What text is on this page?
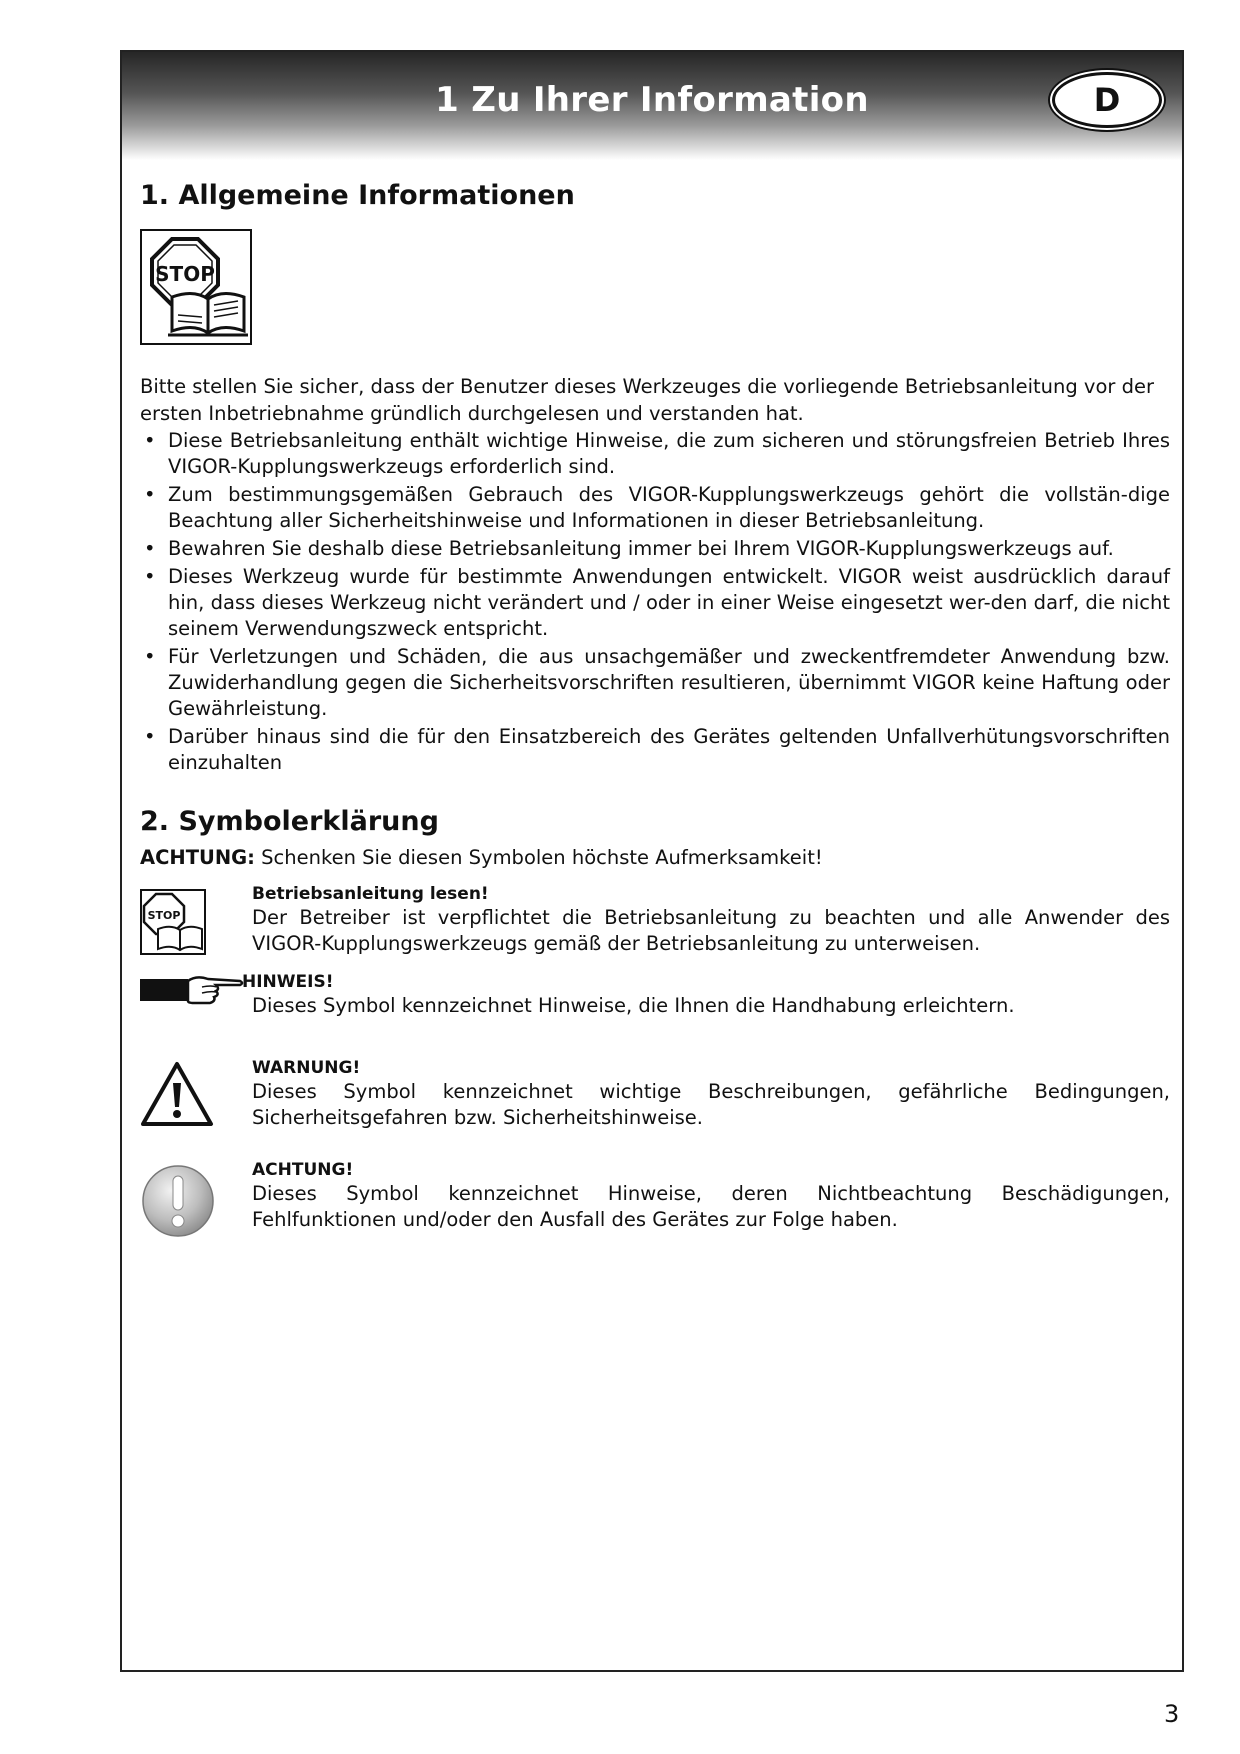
1 Zu Ihrer Information	D
1. Allgemeine Informationen
STOP
Bitte stellen Sie sicher, dass der Benutzer dieses Werkzeuges die vorliegende Betriebsanleitung vor der ersten Inbetriebnahme gründlich durchgelesen und verstanden hat.
• Diese Betriebsanleitung enthält wichtige Hinweise, die zum sicheren und störungsfreien Betrieb Ihres VIGOR-Kupplungswerkzeugs erforderlich sind.
• Zum bestimmungsgemäßen Gebrauch des VIGOR-Kupplungswerkzeugs gehört die vollstän-dige Beachtung aller Sicherheitshinweise und Informationen in dieser Betriebsanleitung.
• Bewahren Sie deshalb diese Betriebsanleitung immer bei Ihrem VIGOR-Kupplungswerkzeugs auf.
• Dieses Werkzeug wurde für bestimmte Anwendungen entwickelt. VIGOR weist ausdrücklich darauf hin, dass dieses Werkzeug nicht verändert und / oder in einer Weise eingesetzt wer-den darf, die nicht seinem Verwendungszweck entspricht.
• Für Verletzungen und Schäden, die aus unsachgemäßer und zweckentfremdeter Anwendung bzw. Zuwiderhandlung gegen die Sicherheitsvorschriften resultieren, übernimmt VIGOR keine Haftung oder Gewährleistung.
• Darüber hinaus sind die für den Einsatzbereich des Gerätes geltenden Unfallverhütungsvorschriften einzuhalten
2. Symbolerklärung
ACHTUNG: Schenken Sie diesen Symbolen höchste Aufmerksamkeit!
STOP
Betriebsanleitung lesen!
Der Betreiber ist verpflichtet die Betriebsanleitung zu beachten und alle Anwender des VIGOR-Kupplungswerkzeugs gemäß der Betriebsanleitung zu unterweisen.
HINWEIS!
Dieses Symbol kennzeichnet Hinweise, die Ihnen die Handhabung erleichtern.
WARNUNG!
Dieses Symbol kennzeichnet wichtige Beschreibungen, gefährliche Bedingungen, Sicherheitsgefahren bzw. Sicherheitshinweise.
ACHTUNG!
Dieses Symbol kennzeichnet Hinweise, deren Nichtbeachtung Beschädigungen, Fehlfunktionen und/oder den Ausfall des Gerätes zur Folge haben.
3
